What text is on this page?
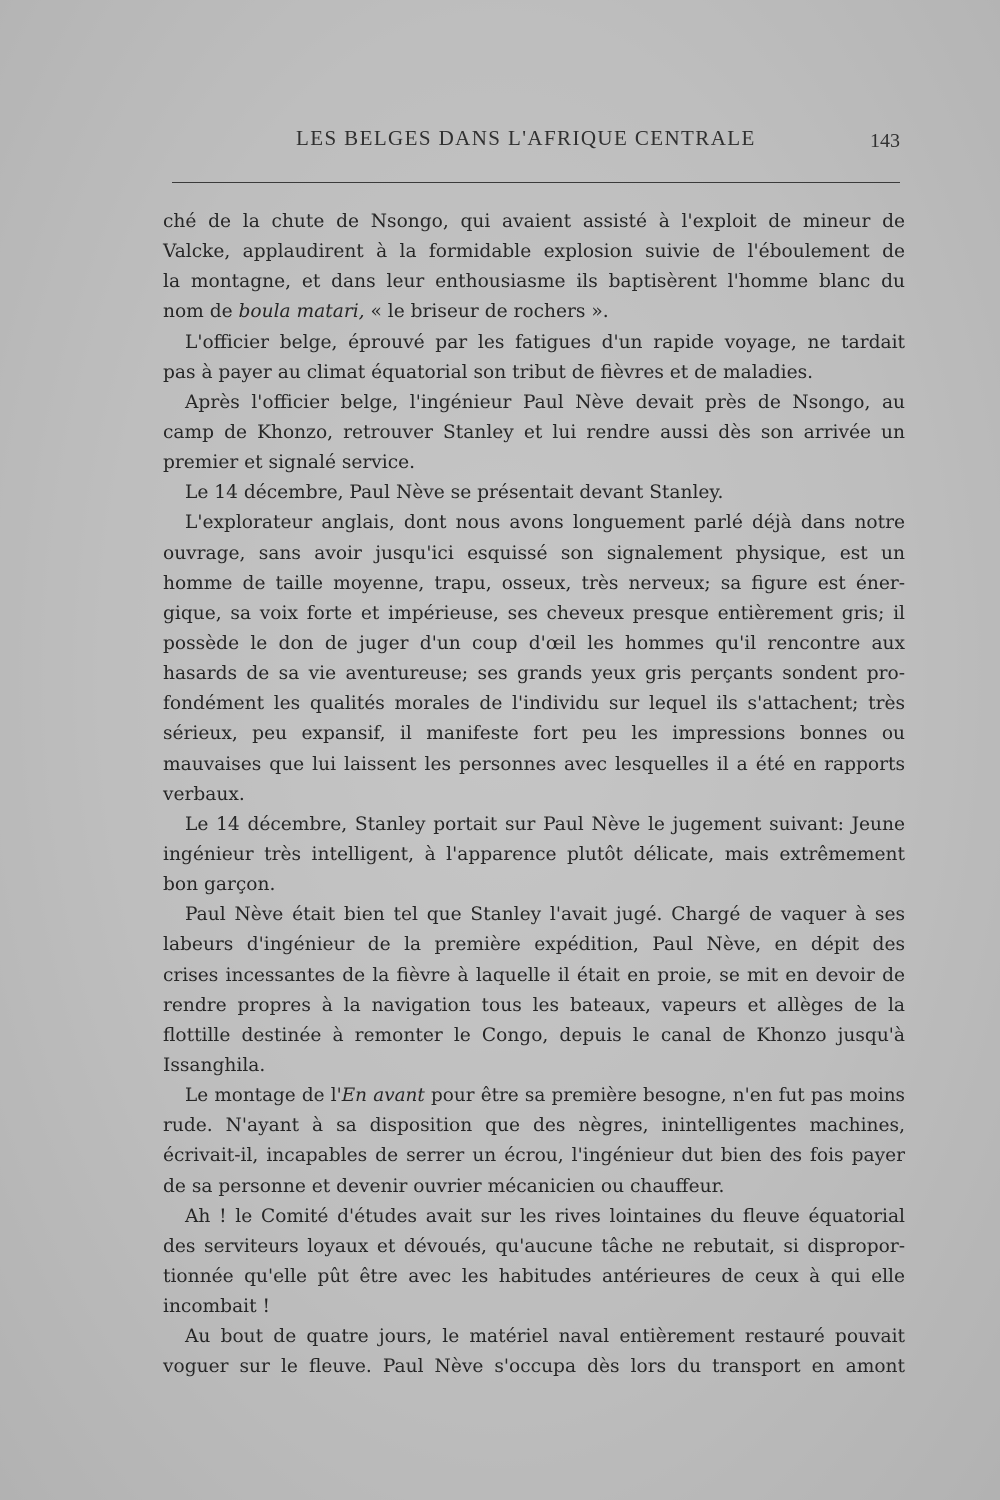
LES BELGES DANS L'AFRIQUE CENTRALE	143
ché de la chute de Nsongo, qui avaient assisté à l'exploit de mineur de
Valcke, applaudirent à la formidable explosion suivie de l'éboulement de
la montagne, et dans leur enthousiasme ils baptisèrent l'homme blanc du
nom de boula matari, « le briseur de rochers ».
L'officier belge, éprouvé par les fatigues d'un rapide voyage, ne tardait
pas à payer au climat équatorial son tribut de fièvres et de maladies.
Après l'officier belge, l'ingénieur Paul Nève devait près de Nsongo, au
camp de Khonzo, retrouver Stanley et lui rendre aussi dès son arrivée un
premier et signalé service.
Le 14 décembre, Paul Nève se présentait devant Stanley.
L'explorateur anglais, dont nous avons longuement parlé déjà dans notre
ouvrage, sans avoir jusqu'ici esquissé son signalement physique, est un
homme de taille moyenne, trapu, osseux, très nerveux; sa figure est éner-
gique, sa voix forte et impérieuse, ses cheveux presque entièrement gris; il
possède le don de juger d'un coup d'œil les hommes qu'il rencontre aux
hasards de sa vie aventureuse; ses grands yeux gris perçants sondent pro-
fondément les qualités morales de l'individu sur lequel ils s'attachent; très
sérieux, peu expansif, il manifeste fort peu les impressions bonnes ou
mauvaises que lui laissent les personnes avec lesquelles il a été en rapports
verbaux.
Le 14 décembre, Stanley portait sur Paul Nève le jugement suivant: Jeune
ingénieur très intelligent, à l'apparence plutôt délicate, mais extrêmement
bon garçon.
Paul Nève était bien tel que Stanley l'avait jugé. Chargé de vaquer à ses
labeurs d'ingénieur de la première expédition, Paul Nève, en dépit des
crises incessantes de la fièvre à laquelle il était en proie, se mit en devoir de
rendre propres à la navigation tous les bateaux, vapeurs et allèges de la
flottille destinée à remonter le Congo, depuis le canal de Khonzo jusqu'à
Issanghila.
Le montage de l'En avant pour être sa première besogne, n'en fut pas moins
rude. N'ayant à sa disposition que des nègres, inintelligentes machines,
écrivait-il, incapables de serrer un écrou, l'ingénieur dut bien des fois payer
de sa personne et devenir ouvrier mécanicien ou chauffeur.
Ah ! le Comité d'études avait sur les rives lointaines du fleuve équatorial
des serviteurs loyaux et dévoués, qu'aucune tâche ne rebutait, si dispropor-
tionnée qu'elle pût être avec les habitudes antérieures de ceux à qui elle
incombait !
Au bout de quatre jours, le matériel naval entièrement restauré pouvait
voguer sur le fleuve. Paul Nève s'occupa dès lors du transport en amont
